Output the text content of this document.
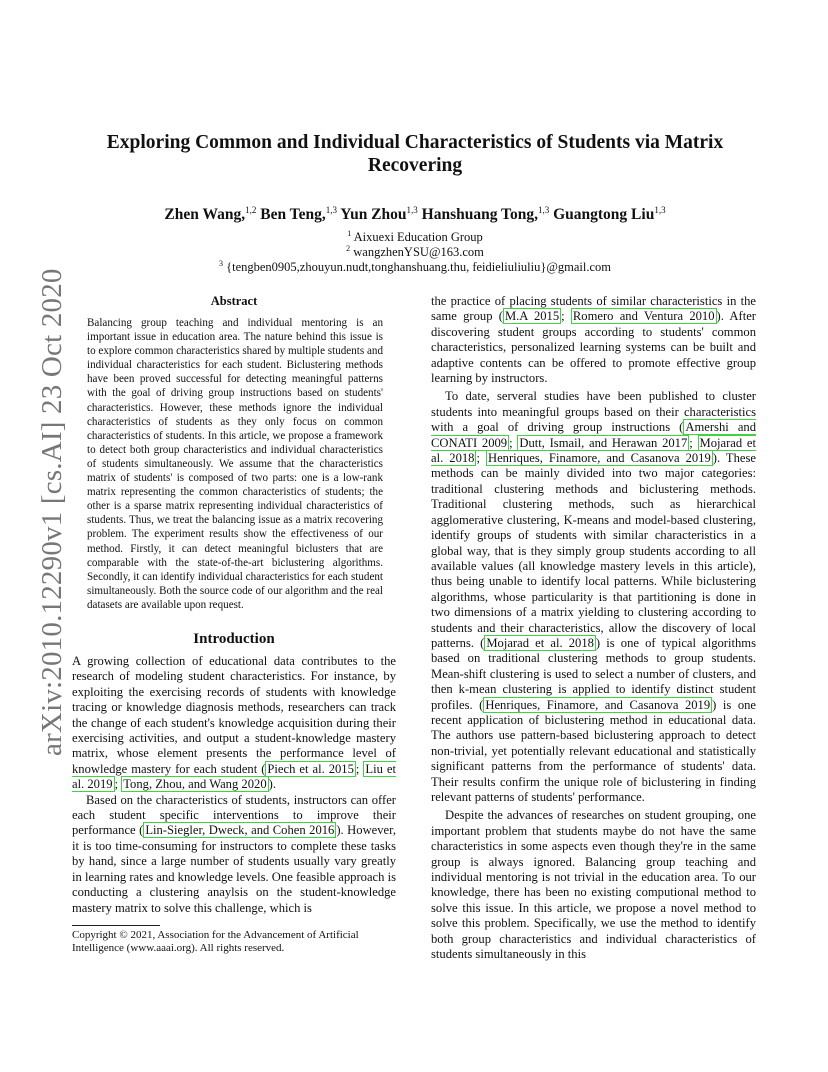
arXiv:2010.12290v1 [cs.AI] 23 Oct 2020
Exploring Common and Individual Characteristics of Students via Matrix Recovering
Zhen Wang,$^{1,2}$ Ben Teng,$^{1,3}$ Yun Zhou$^{1,3}$ Hanshuang Tong,$^{1,3}$ Guangtong Liu$^{1,3}$
$^1$ Aixuexi Education Group
$^2$ wangzhenYSU@163.com
$^3$ {tengben0905,zhouyun.nudt,tonghanshuang.thu, feidieliuliuliu}@gmail.com
Abstract
Balancing group teaching and individual mentoring is an important issue in education area. The nature behind this issue is to explore common characteristics shared by multiple students and individual characteristics for each student. Biclustering methods have been proved successful for detecting meaningful patterns with the goal of driving group instructions based on students' characteristics. However, these methods ignore the individual characteristics of students as they only focus on common characteristics of students. In this article, we propose a framework to detect both group characteristics and individual characteristics of students simultaneously. We assume that the characteristics matrix of students' is composed of two parts: one is a low-rank matrix representing the common characteristics of students; the other is a sparse matrix representing individual characteristics of students. Thus, we treat the balancing issue as a matrix recovering problem. The experiment results show the effectiveness of our method. Firstly, it can detect meaningful biclusters that are comparable with the state-of-the-art biclustering algorithms. Secondly, it can identify individual characteristics for each student simultaneously. Both the source code of our algorithm and the real datasets are available upon request.
Introduction

A growing collection of educational data contributes to the research of modeling student characteristics. For instance, by exploiting the exercising records of students with knowledge tracing or knowledge diagnosis methods, researchers can track the change of each student's knowledge acquisition during their exercising activities, and output a student-knowledge mastery matrix, whose element presents the performance level of knowledge mastery for each student ( Piech et al. 2015 ; Liu et al. 2019 ; Tong, Zhou, and Wang 2020 ).

Based on the characteristics of students, instructors can offer each student specific interventions to improve their performance ( Lin-Siegler, Dweck, and Cohen 2016 ). However, it is too time-consuming for instructors to complete these tasks by hand, since a large number of students usually vary greatly in learning rates and knowledge levels. One feasible approach is conducting a clustering anaylsis on the student-knowledge mastery matrix to solve this challenge, which is

Copyright © 2021, Association for the Advancement of Artificial Intelligence (www.aaai.org). All rights reserved.

the practice of placing students of similar characteristics in the same group ( M.A 2015 ; Romero and Ventura 2010 ). After discovering student groups according to students' common characteristics, personalized learning systems can be built and adaptive contents can be offered to promote effective group learning by instructors.

To date, serveral studies have been published to cluster students into meaningful groups based on their characteristics with a goal of driving group instructions ( Amershi and CONATI 2009 ; Dutt, Ismail, and Herawan 2017 ; Mojarad et al. 2018 ; Henriques, Finamore, and Casanova 2019 ). These methods can be mainly divided into two major categories: traditional clustering methods and biclustering methods. Traditional clustering methods, such as hierarchical agglomerative clustering, K-means and model-based clustering, identify groups of students with similar characteristics in a global way, that is they simply group students according to all available values (all knowledge mastery levels in this article), thus being unable to identify local patterns. While biclustering algorithms, whose particularity is that partitioning is done in two dimensions of a matrix yielding to clustering according to students and their characteristics, allow the discovery of local patterns. ( Mojarad et al. 2018 ) is one of typical algorithms based on traditional clustering methods to group students. Mean-shift clustering is used to select a number of clusters, and then k-mean clustering is applied to identify distinct student profiles. ( Henriques, Finamore, and Casanova 2019 ) is one recent application of biclustering method in educational data. The authors use pattern-based biclustering approach to detect non-trivial, yet potentially relevant educational and statistically significant patterns from the performance of students' data. Their results confirm the unique role of biclustering in finding relevant patterns of students' performance.

Despite the advances of researches on student grouping, one important problem that students maybe do not have the same characteristics in some aspects even though they're in the same group is always ignored. Balancing group teaching and individual mentoring is not trivial in the education area. To our knowledge, there has been no existing computional method to solve this issue. In this article, we propose a novel method to solve this problem. Specifically, we use the method to identify both group characteristics and individual characteristics of students simultaneously in this
